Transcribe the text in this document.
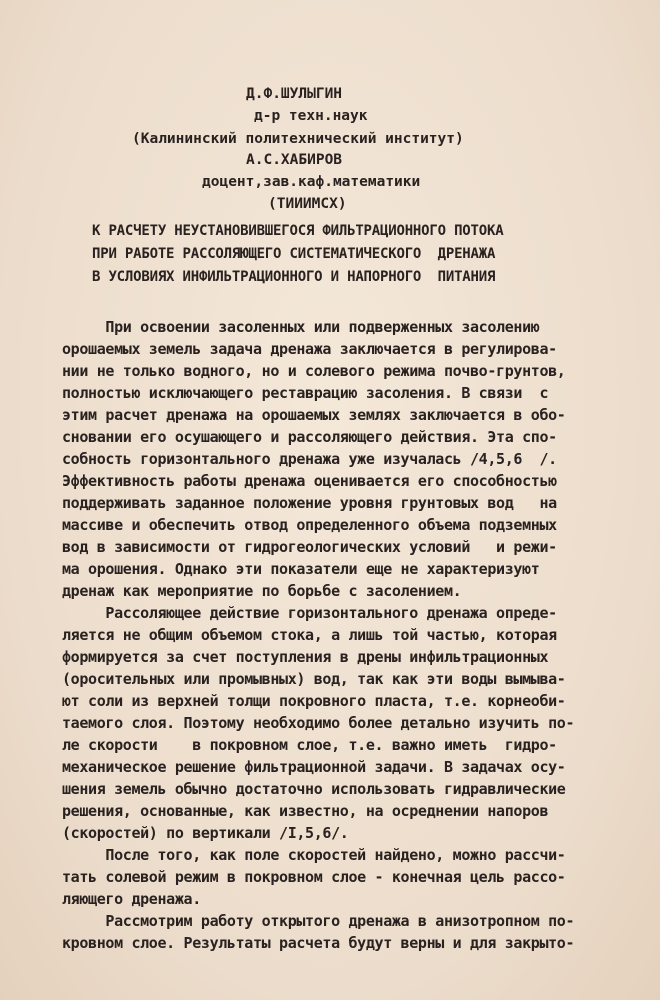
Д.Ф.ШУЛЫГИН
д-р техн.наук
(Калининский политехнический институт)
А.С.ХАБИРОВ
доцент,зав.каф.математики
(ТИИИМСХ)
К РАСЧЕТУ НЕУСТАНОВИВШЕГОСЯ ФИЛЬТРАЦИОННОГО ПОТОКА
ПРИ РАБОТЕ РАССОЛЯЮЩЕГО СИСТЕМАТИЧЕСКОГО  ДРЕНАЖА
В УСЛОВИЯХ ИНФИЛЬТРАЦИОННОГО И НАПОРНОГО  ПИТАНИЯ
При освоении засоленных или подверженных засолению
орошаемых земель задача дренажа заключается в регулирова-
нии не только водного, но и солевого режима почво-грунтов,
полностью исключающего реставрацию засоления. В связи  с
этим расчет дренажа на орошаемых землях заключается в обо-
сновании его осушающего и рассоляющего действия. Эта спо-
собность горизонтального дренажа уже изучалась /4,5,6  /.
Эффективность работы дренажа оценивается его способностью
поддерживать заданное положение уровня грунтовых вод   на
массиве и обеспечить отвод определенного объема подземных
вод в зависимости от гидрогеологических условий   и режи-
ма орошения. Однако эти показатели еще не характеризуют
дренаж как мероприятие по борьбе с засолением.
Рассоляющее действие горизонтального дренажа опреде-
ляется не общим объемом стока, а лишь той частью, которая
формируется за счет поступления в дрены инфильтрационных
(оросительных или промывных) вод, так как эти воды вымыва-
ют соли из верхней толщи покровного пласта, т.е. корнеоби-
таемого слоя. Поэтому необходимо более детально изучить по-
ле скорости    в покровном слое, т.е. важно иметь  гидро-
механическое решение фильтрационной задачи. В задачах осу-
шения земель обычно достаточно использовать гидравлические
решения, основанные, как известно, на осреднении напоров
(скоростей) по вертикали /I,5,6/.
После того, как поле скоростей найдено, можно рассчи-
тать солевой режим в покровном слое - конечная цель рассо-
ляющего дренажа.
Рассмотрим работу открытого дренажа в анизотропном по-
кровном слое. Результаты расчета будут верны и для закрыто-
